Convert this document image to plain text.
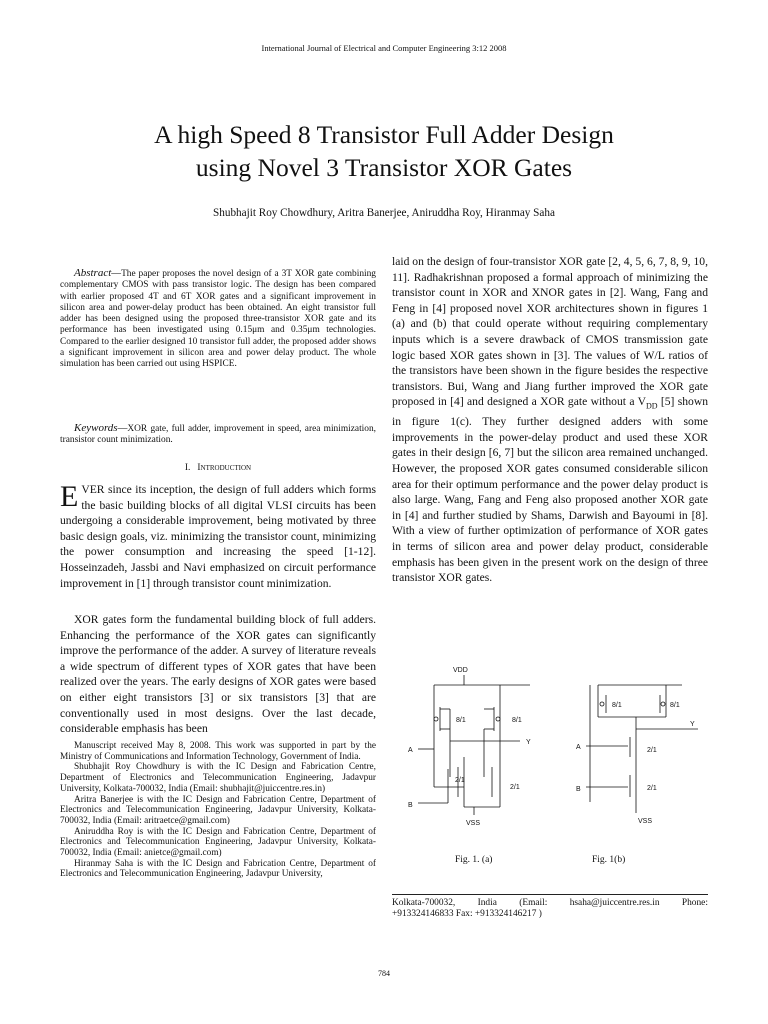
International Journal of Electrical and Computer Engineering 3:12 2008
A high Speed 8 Transistor Full Adder Design
using Novel 3 Transistor XOR Gates
Shubhajit Roy Chowdhury, Aritra Banerjee, Aniruddha Roy, Hiranmay Saha
Abstract—The paper proposes the novel design of a 3T XOR gate combining complementary CMOS with pass transistor logic. The design has been compared with earlier proposed 4T and 6T XOR gates and a significant improvement in silicon area and power-delay product has been obtained. An eight transistor full adder has been designed using the proposed three-transistor XOR gate and its performance has been investigated using 0.15μm and 0.35μm technologies. Compared to the earlier designed 10 transistor full adder, the proposed adder shows a significant improvement in silicon area and power delay product. The whole simulation has been carried out using HSPICE.
Keywords—XOR gate, full adder, improvement in speed, area minimization, transistor count minimization.
I. Introduction
EVER since its inception, the design of full adders which forms the basic building blocks of all digital VLSI circuits has been undergoing a considerable improvement, being motivated by three basic design goals, viz. minimizing the transistor count, minimizing the power consumption and increasing the speed [1-12]. Hosseinzadeh, Jassbi and Navi emphasized on circuit performance improvement in [1] through transistor count minimization.
XOR gates form the fundamental building block of full adders. Enhancing the performance of the XOR gates can significantly improve the performance of the adder. A survey of literature reveals a wide spectrum of different types of XOR gates that have been realized over the years. The early designs of XOR gates were based on either eight transistors [3] or six transistors [3] that are conventionally used in most designs. Over the last decade, considerable emphasis has been

Manuscript received May 8, 2008. This work was supported in part by the Ministry of Communications and Information Technology, Government of India.

Shubhajit Roy Chowdhury is with the IC Design and Fabrication Centre, Department of Electronics and Telecommunication Engineering, Jadavpur University, Kolkata-700032, India (Email: shubhajit@juiccentre.res.in)

Aritra Banerjee is with the IC Design and Fabrication Centre, Department of Electronics and Telecommunication Engineering, Jadavpur University, Kolkata-700032, India (Email: aritraetce@gmail.com)

Aniruddha Roy is with the IC Design and Fabrication Centre, Department of Electronics and Telecommunication Engineering, Jadavpur University, Kolkata-700032, India (Email: anietce@gmail.com)

Hiranmay Saha is with the IC Design and Fabrication Centre, Department of Electronics and Telecommunication Engineering, Jadavpur University,

laid on the design of four-transistor XOR gate [2, 4, 5, 6, 7, 8, 9, 10, 11]. Radhakrishnan proposed a formal approach of minimizing the transistor count in XOR and XNOR gates in [2]. Wang, Fang and Feng in [4] proposed novel XOR architectures shown in figures 1 (a) and (b) that could operate without requiring complementary inputs which is a severe drawback of CMOS transmission gate logic based XOR gates shown in [3]. The values of W/L ratios of the transistors have been shown in the figure besides the respective transistors. Bui, Wang and Jiang further improved the XOR gate proposed in [4] and designed a XOR gate without a $V_{DD}$ [5] shown in figure 1(c). They further designed adders with some improvements in the power-delay product and used these XOR gates in their design [6, 7] but the silicon area remained unchanged. However, the proposed XOR gates consumed considerable silicon area for their optimum performance and the power delay product is also large. Wang, Fang and Feng also proposed another XOR gate in [4] and further studied by Shams, Darwish and Bayoumi in [8]. With a view of further optimization of performance of XOR gates in terms of silicon area and power delay product, considerable emphasis has been given in the present work on the design of three transistor XOR gates.
VDD
8/1	8/1
Y
A
2/1
2/1
VSS
B
8/1	8/1
Y
A	2/1
2/1
B
VSS
Fig. 1. (a)	Fig. 1(b)
Kolkata-700032, India (Email: hsaha@juiccentre.res.in Phone:
+913324146833 Fax: +913324146217 )
784
